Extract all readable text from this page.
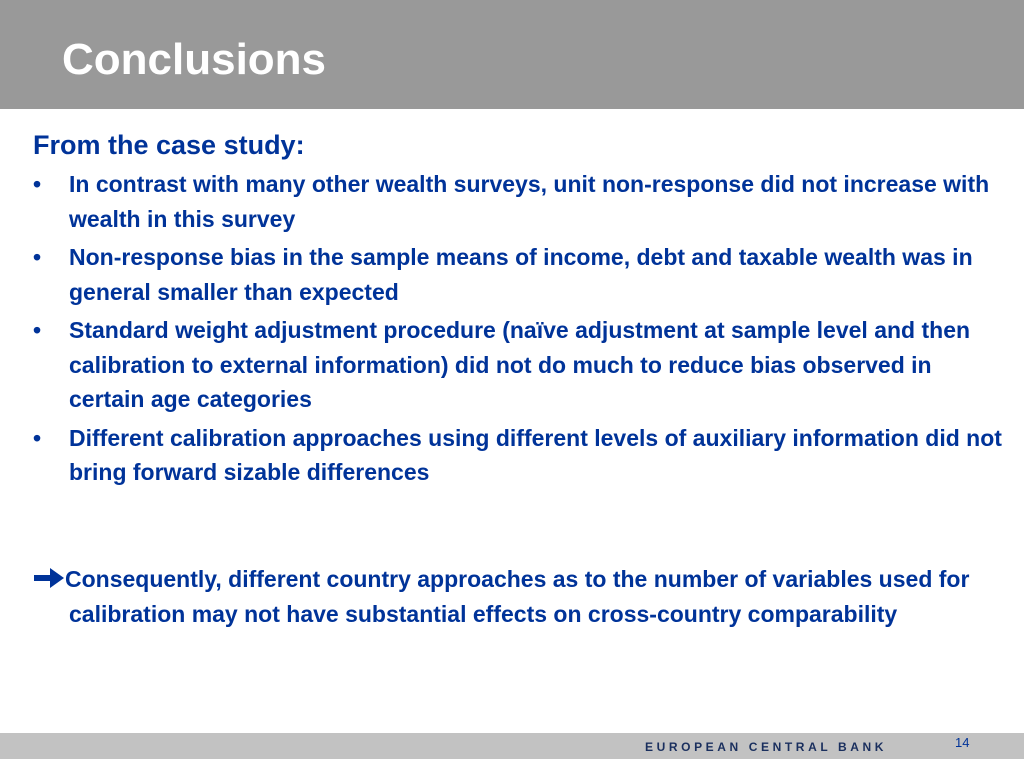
Conclusions

From the case study:

•	In contrast with many other wealth surveys, unit non-response did not increase with wealth in this survey
•	Non-response bias in the sample means of income, debt and taxable wealth was in general smaller than expected
•	Standard weight adjustment procedure (naïve adjustment at sample level and then calibration to external information) did not do much to reduce bias observed in certain age categories
•	Different calibration approaches using different levels of auxiliary information did not bring forward sizable differences
Consequently, different country approaches as to the number of variables used for calibration may not have substantial effects on cross-country comparability
EUROPEAN CENTRAL BANK	14
